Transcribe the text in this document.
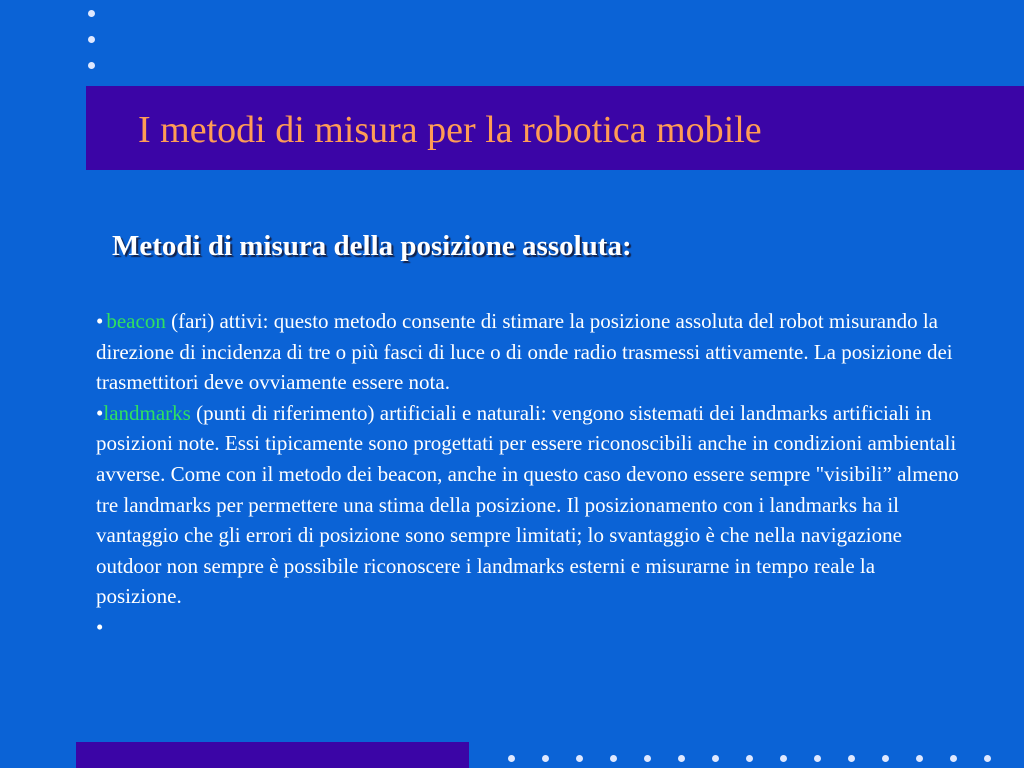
I metodi di misura per la robotica mobile
Metodi di misura della posizione assoluta:

• beacon (fari) attivi: questo metodo consente di stimare la posizione assoluta del robot misurando la direzione di incidenza di tre o più fasci di luce o di onde radio trasmessi attivamente. La posizione dei trasmettitori deve ovviamente essere nota.

•landmarks (punti di riferimento) artificiali e naturali: vengono sistemati dei landmarks artificiali in posizioni note. Essi tipicamente sono progettati per essere riconoscibili anche in condizioni ambientali avverse. Come con il metodo dei beacon, anche in questo caso devono essere sempre "visibili” almeno tre landmarks per permettere una stima della posizione. Il posizionamento con i landmarks ha il vantaggio che gli errori di posizione sono sempre limitati; lo svantaggio è che nella navigazione outdoor non sempre è possibile riconoscere i landmarks esterni e misurarne in tempo reale la posizione.

•
